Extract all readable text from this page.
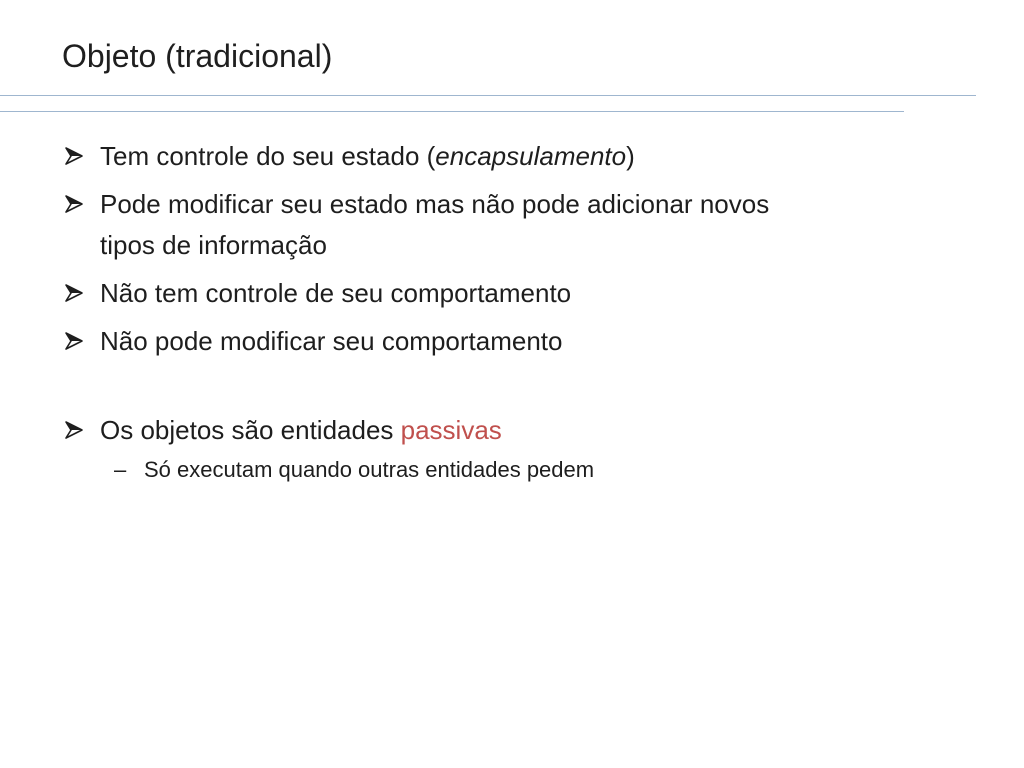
Objeto (tradicional)
Tem controle do seu estado (encapsulamento)
Pode modificar seu estado mas não pode adicionar novos
tipos de informação
Não tem controle de seu comportamento
Não pode modificar seu comportamento
Os objetos são entidades passivas
– Só executam quando outras entidades pedem
